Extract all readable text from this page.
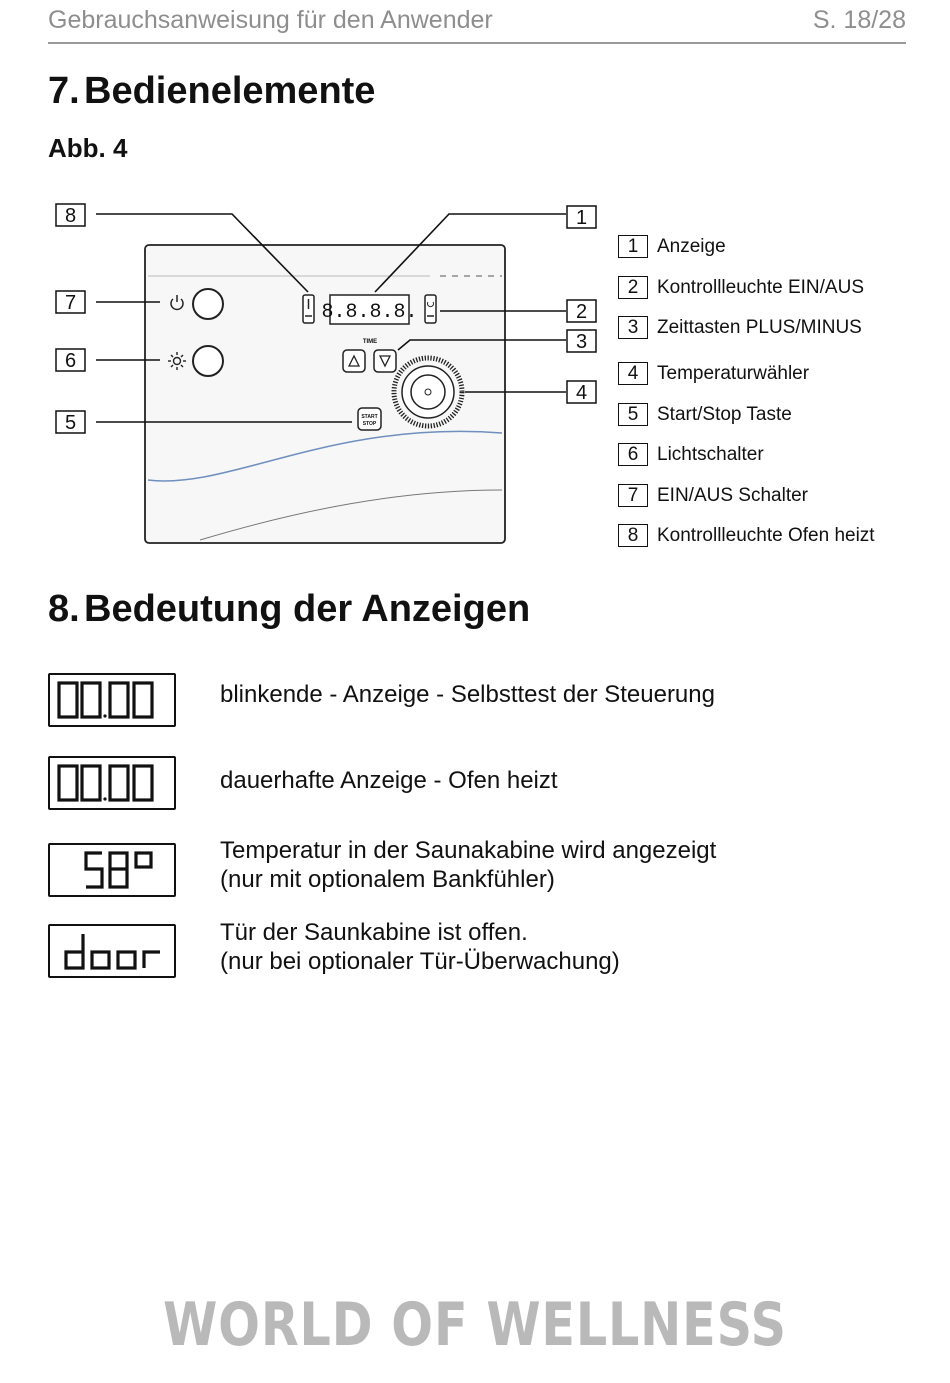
Gebrauchsanweisung für den Anwender	S. 18/28
7. Bedienelemente
Abb. 4
8.8.8.8.
TIME
START
STOP
8
7
6
5
1
2
3
4
1 Anzeige
2 Kontrollleuchte EIN/AUS
3 Zeittasten PLUS/MINUS
4 Temperaturwähler
5 Start/Stop Taste
6 Lichtschalter
7 EIN/AUS Schalter
8 Kontrollleuchte Ofen heizt
8. Bedeutung der Anzeigen
blinkende - Anzeige - Selbsttest der Steuerung
dauerhafte Anzeige - Ofen heizt
Temperatur in der Saunakabine wird angezeigt
(nur mit optionalem Bankfühler)
Tür der Saunkabine ist offen.
(nur bei optionaler Tür-Überwachung)
WORLD OF WELLNESS
